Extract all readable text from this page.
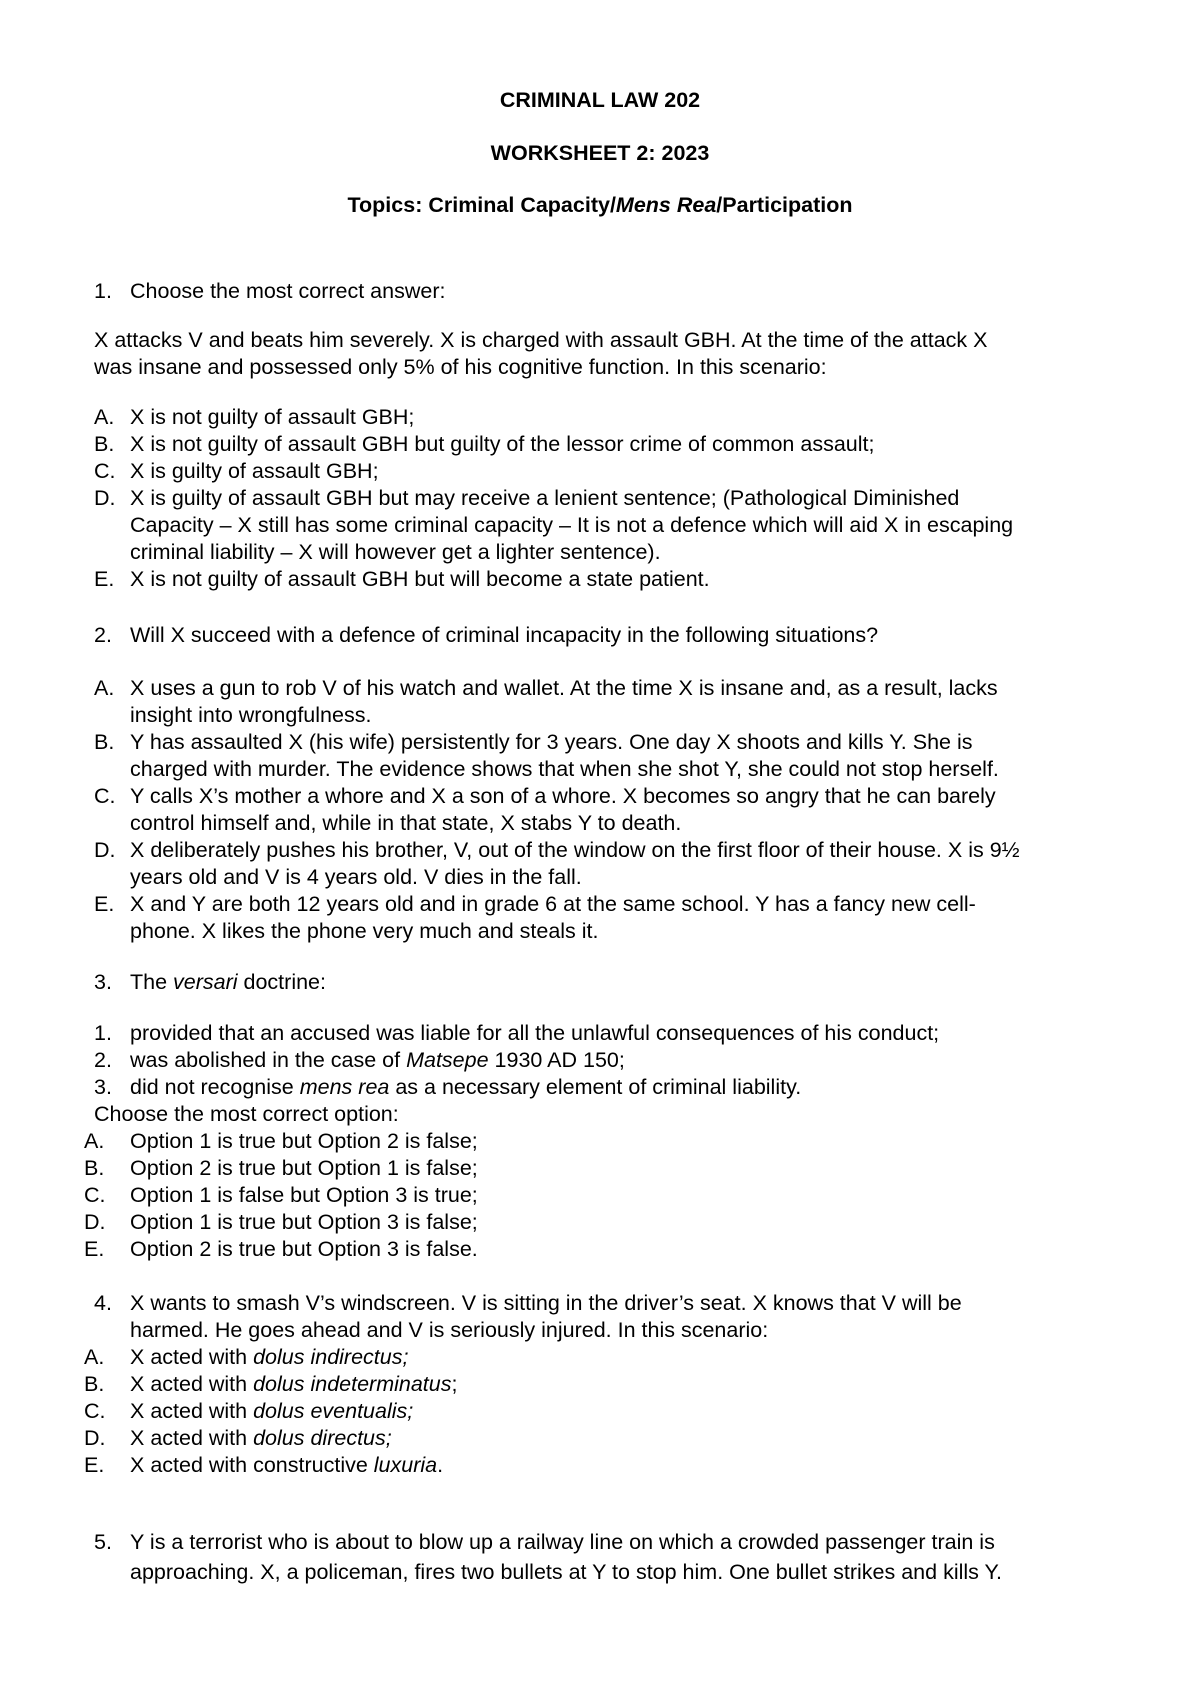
CRIMINAL LAW 202
WORKSHEET 2: 2023
Topics: Criminal Capacity/Mens Rea/Participation
1. Choose the most correct answer:
X attacks V and beats him severely. X is charged with assault GBH. At the time of the attack X
was insane and possessed only 5% of his cognitive function. In this scenario:
A. X is not guilty of assault GBH;
B. X is not guilty of assault GBH but guilty of the lessor crime of common assault;
C. X is guilty of assault GBH;
D. X is guilty of assault GBH but may receive a lenient sentence; (Pathological Diminished
Capacity – X still has some criminal capacity – It is not a defence which will aid X in escaping
criminal liability – X will however get a lighter sentence).
E. X is not guilty of assault GBH but will become a state patient.
2. Will X succeed with a defence of criminal incapacity in the following situations?
A. X uses a gun to rob V of his watch and wallet. At the time X is insane and, as a result, lacks
insight into wrongfulness.
B. Y has assaulted X (his wife) persistently for 3 years. One day X shoots and kills Y. She is
charged with murder. The evidence shows that when she shot Y, she could not stop herself.
C. Y calls X’s mother a whore and X a son of a whore. X becomes so angry that he can barely
control himself and, while in that state, X stabs Y to death.
D. X deliberately pushes his brother, V, out of the window on the first floor of their house. X is 9½
years old and V is 4 years old. V dies in the fall.
E. X and Y are both 12 years old and in grade 6 at the same school. Y has a fancy new cell-
phone. X likes the phone very much and steals it.
3. The versari doctrine:
1. provided that an accused was liable for all the unlawful consequences of his conduct;
2. was abolished in the case of Matsepe 1930 AD 150;
3. did not recognise mens rea as a necessary element of criminal liability.
Choose the most correct option:
A. Option 1 is true but Option 2 is false;
B. Option 2 is true but Option 1 is false;
C. Option 1 is false but Option 3 is true;
D. Option 1 is true but Option 3 is false;
E. Option 2 is true but Option 3 is false.
4. X wants to smash V’s windscreen. V is sitting in the driver’s seat. X knows that V will be
harmed. He goes ahead and V is seriously injured. In this scenario:
A. X acted with dolus indirectus;
B. X acted with dolus indeterminatus;
C. X acted with dolus eventualis;
D. X acted with dolus directus;
E. X acted with constructive luxuria.
5. Y is a terrorist who is about to blow up a railway line on which a crowded passenger train is
approaching. X, a policeman, fires two bullets at Y to stop him. One bullet strikes and kills Y.
